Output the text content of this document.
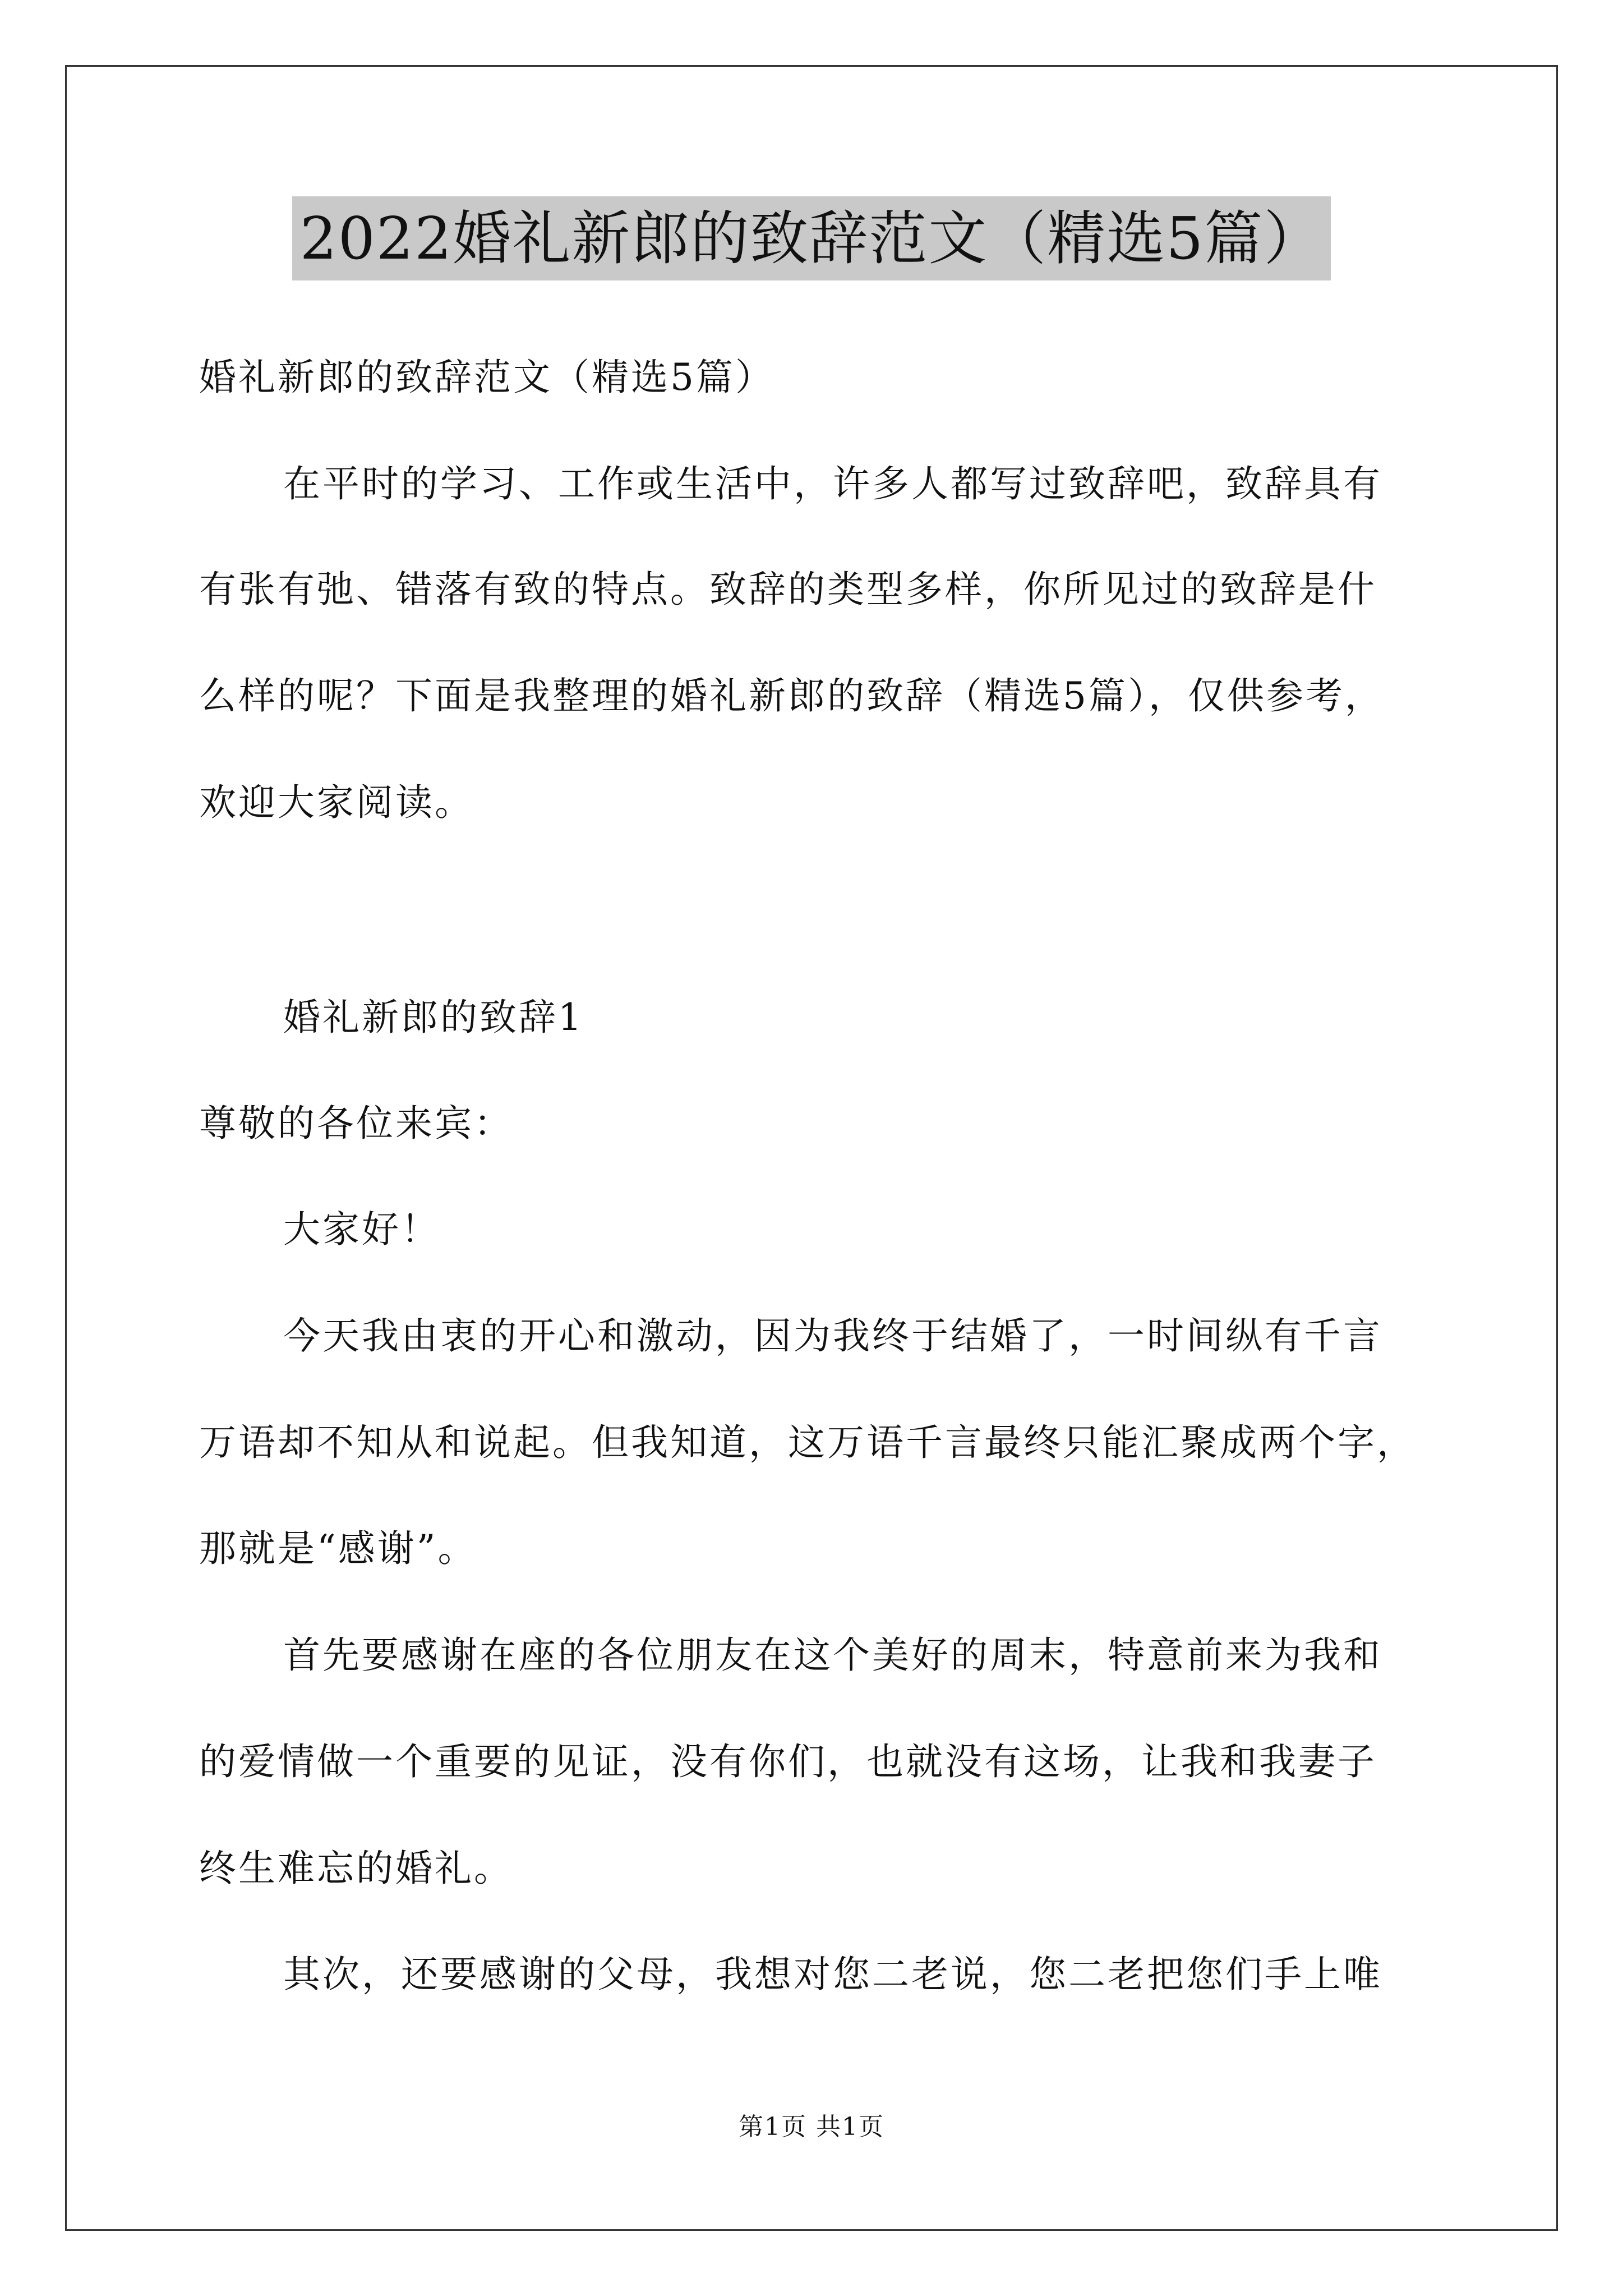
2022婚礼新郎的致辞范文（精选5篇）
婚礼新郎的致辞范文（精选5篇）
在平时的学习、工作或生活中，许多人都写过致辞吧，致辞具有
有张有弛、错落有致的特点。致辞的类型多样，你所见过的致辞是什
么样的呢？下面是我整理的婚礼新郎的致辞（精选5篇），仅供参考，
欢迎大家阅读。
婚礼新郎的致辞1
尊敬的各位来宾：
大家好！
今天我由衷的开心和激动，因为我终于结婚了，一时间纵有千言
万语却不知从和说起。但我知道，这万语千言最终只能汇聚成两个字，
那就是“感谢”。
首先要感谢在座的各位朋友在这个美好的周末，特意前来为我和
的爱情做一个重要的见证，没有你们，也就没有这场，让我和我妻子
终生难忘的婚礼。
其次，还要感谢的父母，我想对您二老说，您二老把您们手上唯
第1页 共1页
